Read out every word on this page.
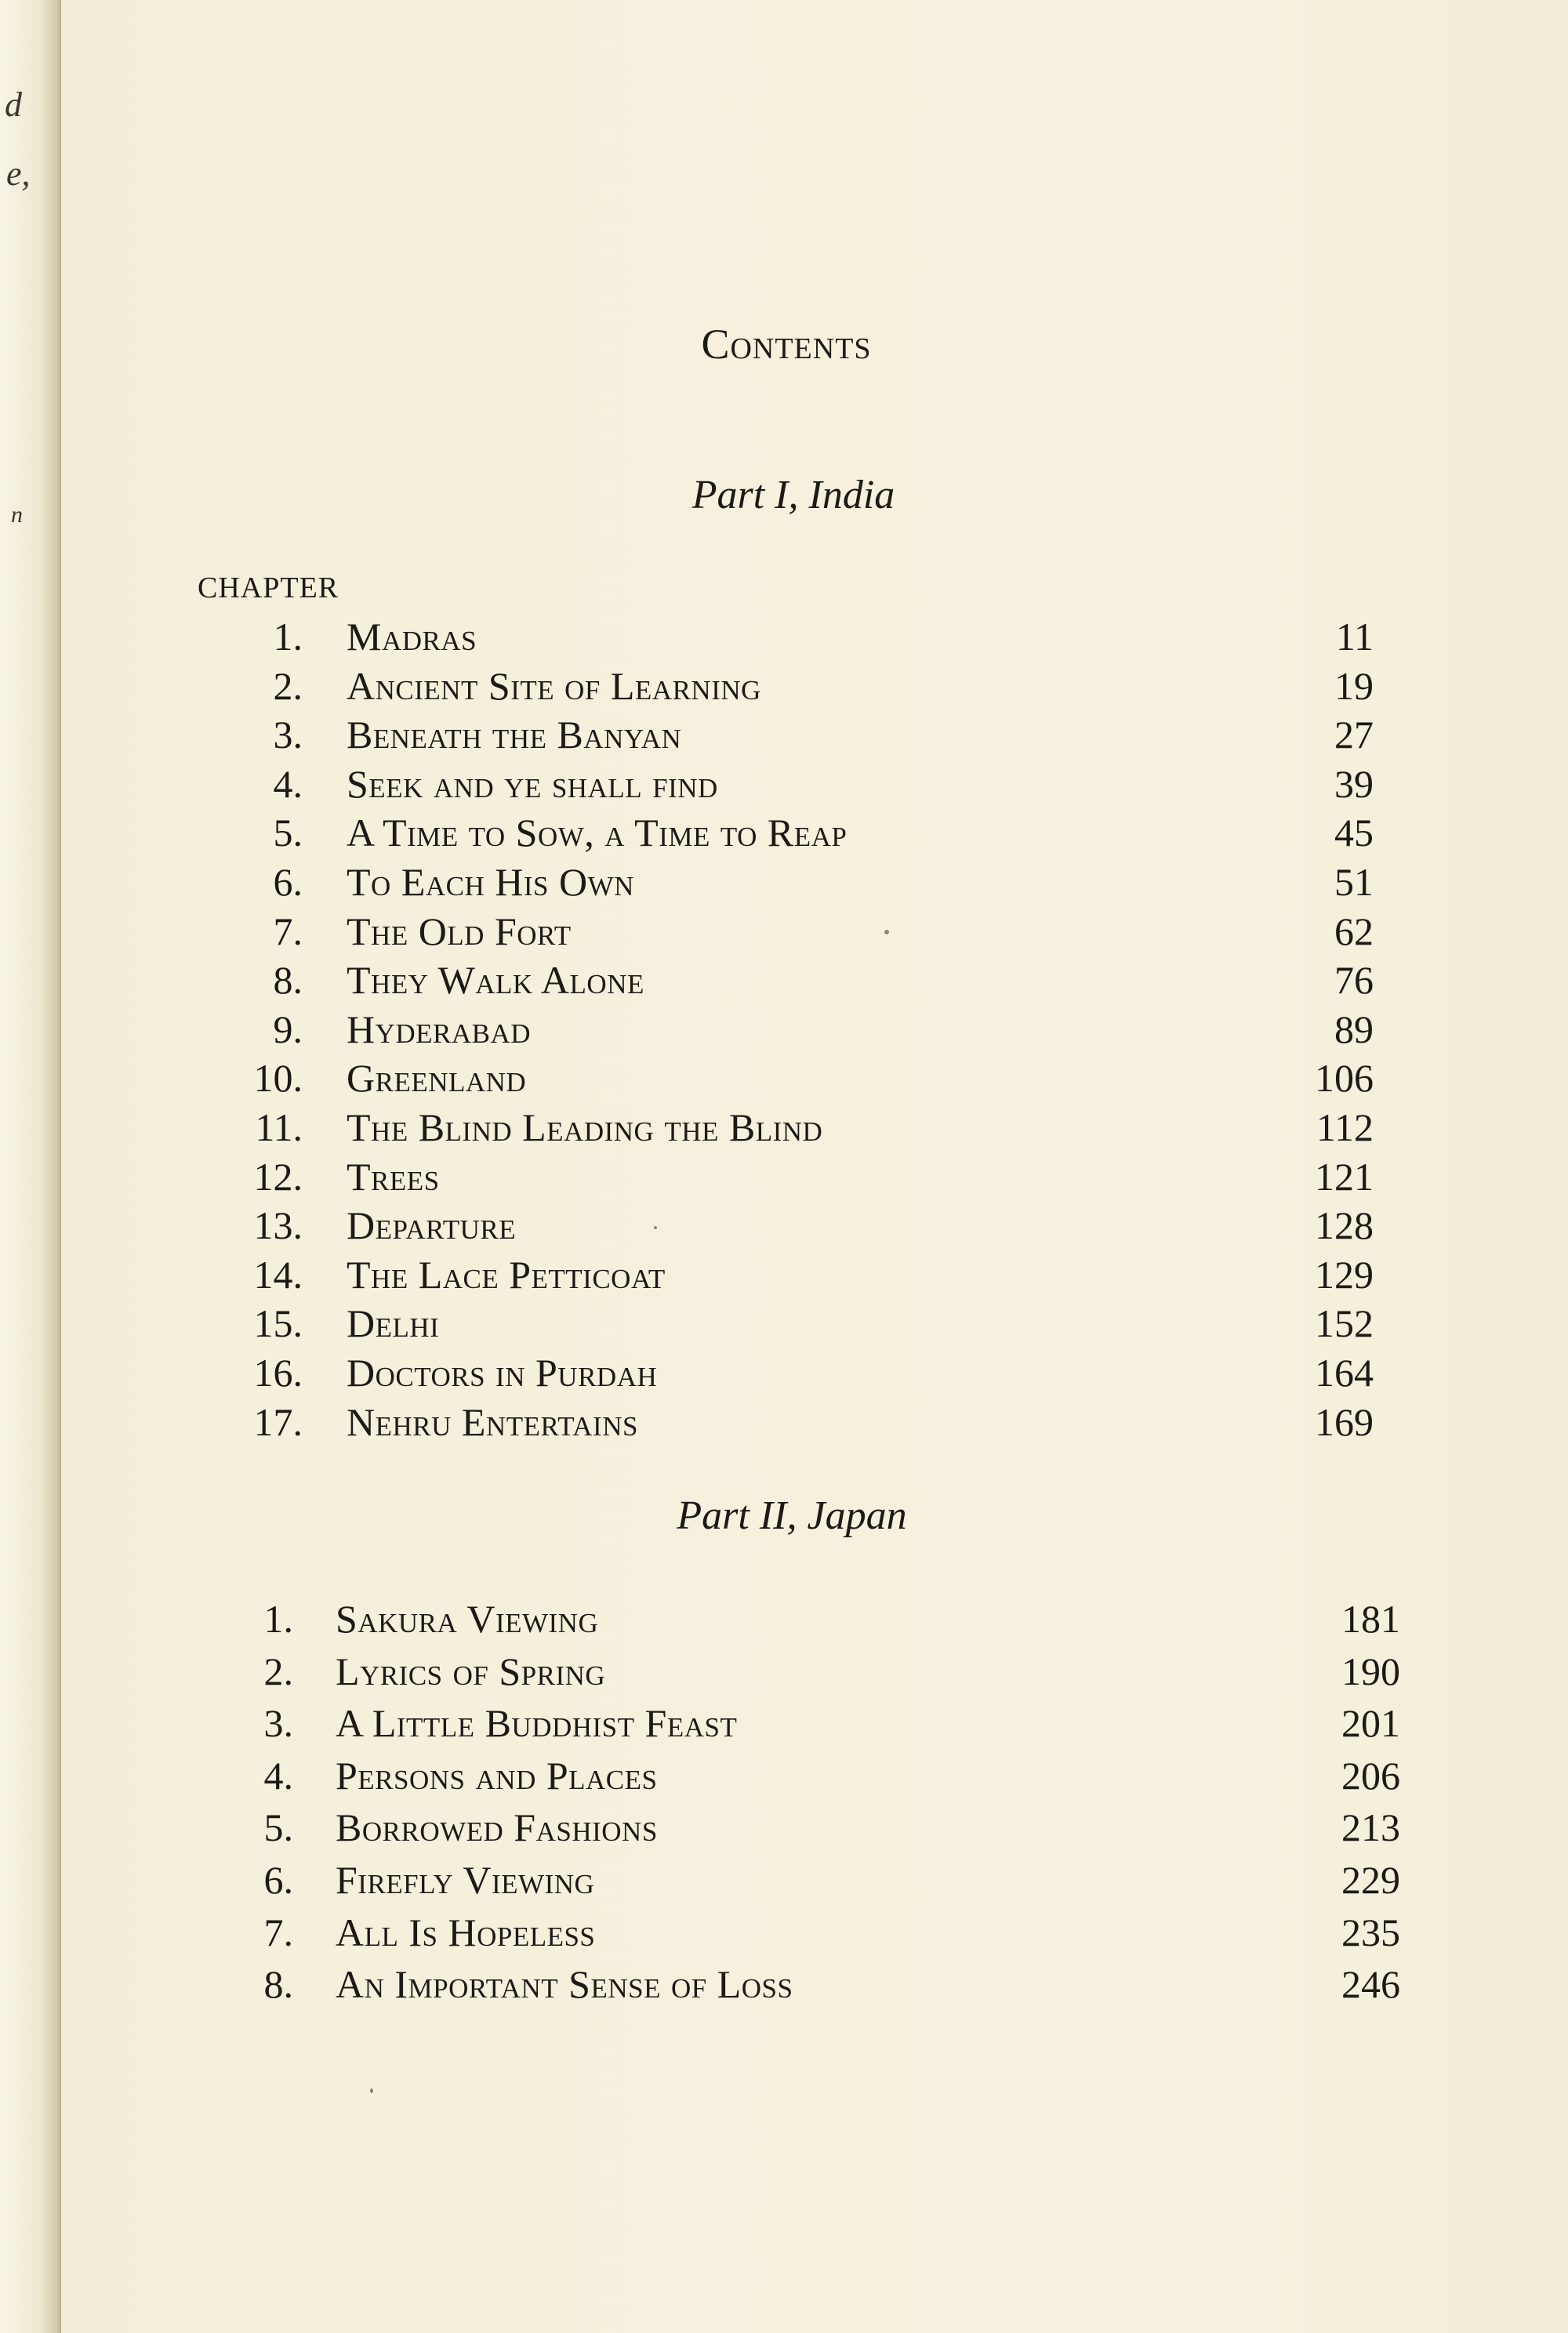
d
e,
n
Contents
Part I, India
CHAPTER
1. Madras	11
2. Ancient Site of Learning	19
3. Beneath the Banyan	27
4. Seek and ye shall find	39
5. A Time to Sow, a Time to Reap	45
6. To Each His Own	51
7. The Old Fort	62
8. They Walk Alone	76
9. Hyderabad	89
10. Greenland	106
11. The Blind Leading the Blind	112
12. Trees	121
13. Departure	128
14. The Lace Petticoat	129
15. Delhi	152
16. Doctors in Purdah	164
17. Nehru Entertains	169
Part II, Japan
1. Sakura Viewing	181
2. Lyrics of Spring	190
3. A Little Buddhist Feast	201
4. Persons and Places	206
5. Borrowed Fashions	213
6. Firefly Viewing	229
7. All Is Hopeless	235
8. An Important Sense of Loss	246
